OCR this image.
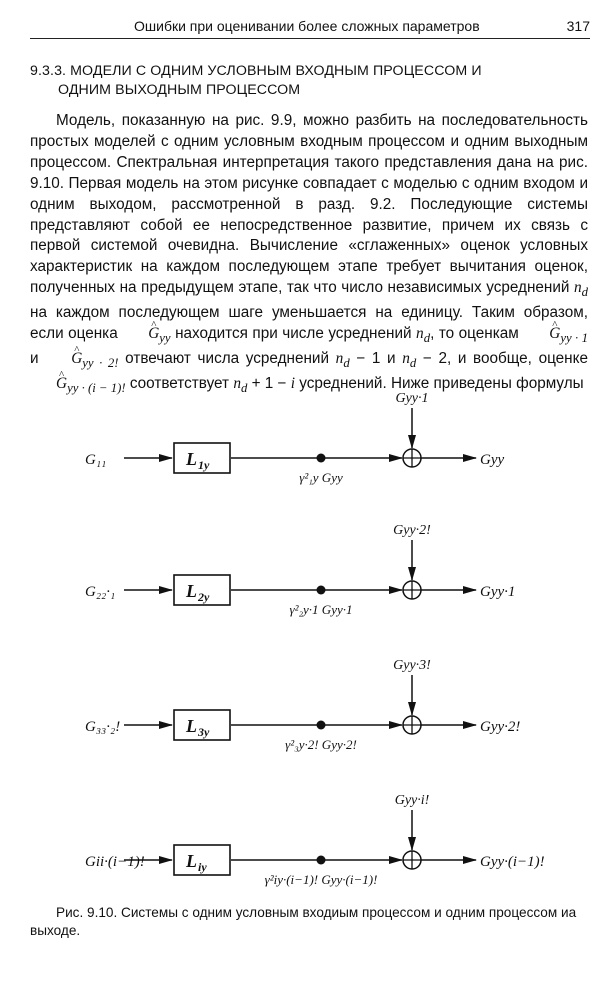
Ошибки при оценивании более сложных параметров	317

9.3.3. МОДЕЛИ С ОДНИМ УСЛОВНЫМ ВХОДНЫМ ПРОЦЕССОМ И
ОДНИМ ВЫХОДНЫМ ПРОЦЕССОМ

Модель, показанную на рис. 9.9, можно разбить на последовательность простых моделей с одним условным входным процессом и одним выходным процессом. Спектральная интерпретация такого представления дана на рис. 9.10. Первая модель на этом рисунке совпадает с моделью с одним входом и одним выходом, рассмотренной в разд. 9.2. Последующие системы представляют собой ее непосредственное развитие, причем их связь с первой системой очевидна. Вычисление «сглаженных» оценок условных характеристик на каждом последующем этапе требует вычитания оценок, полученных на предыдущем этапе, так что число независимых усреднений $n_d$ на каждом последующем шаге уменьшается на единицу. Таким образом, если оценка ^ $G_{yy}$ находится при числе усреднений $n_d$, то оценкам ^ $G_{yy \cdot 1}$ и ^ $G_{yy \cdot 2!}$ отвечают числа усреднений $n_d - 1$ и $n_d - 2$, и вообще, оценке ^ $G_{yy \cdot (i - 1)!}$ соответствует $n_d + 1 - i$ усреднений. Ниже приведены формулы

G₁₁	L 1y
Gyy·1
Gyy
γ²₁y Gyy
G₂₂·₁	L 2y
Gyy·2!
Gyy·1
γ²₂y·1 Gyy·1
G₃₃·₂!	L 3y
Gyy·3!
Gyy·2!
γ²₃y·2! Gyy·2!
Gii·(i−1)! L iy
Gyy·i!
Gyy·(i−1)!
γ²iy·(i−1)! Gyy·(i−1)!
Рис. 9.10. Системы с одним условным входиым процессом и одним процессом иа выходе.
